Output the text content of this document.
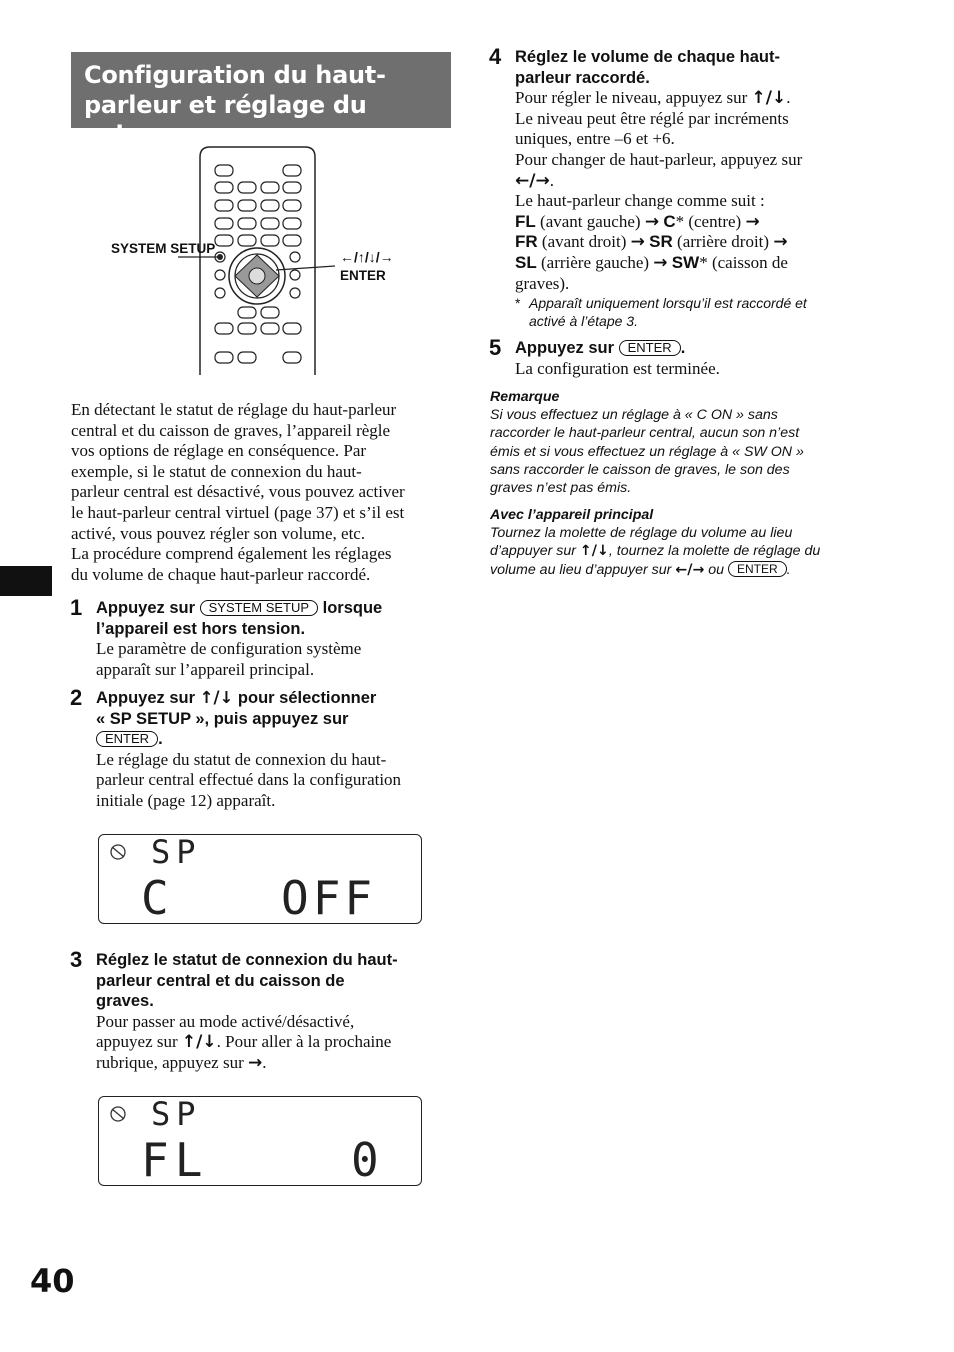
Configuration du haut-parleur et réglage du volume
SYSTEM SETUP
←/↑/↓/→
ENTER
En détectant le statut de réglage du haut-parleur
central et du caisson de graves, l’appareil règle
vos options de réglage en conséquence. Par
exemple, si le statut de connexion du haut-
parleur central est désactivé, vous pouvez activer
le haut-parleur central virtuel (page 37) et s’il est
activé, vous pouvez régler son volume, etc.
La procédure comprend également les réglages
du volume de chaque haut-parleur raccordé.
1 Appuyez sur SYSTEM SETUP lorsque
l’appareil est hors tension.
Le paramètre de configuration système
apparaît sur l’appareil principal.
2 Appuyez sur ↑/↓ pour sélectionner
« SP SETUP », puis appuyez sur
ENTER .
Le réglage du statut de connexion du haut-
parleur central effectué dans la configuration
initiale (page 12) apparaît.
SP
C OFF
3 Réglez le statut de connexion du haut-
parleur central et du caisson de
graves.
Pour passer au mode activé/désactivé,
appuyez sur ↑/↓. Pour aller à la prochaine
rubrique, appuyez sur →.
SP
FL	0
40
4 Réglez le volume de chaque haut-
parleur raccordé.
Pour régler le niveau, appuyez sur ↑/↓.
Le niveau peut être réglé par incréments
uniques, entre –6 et +6.
Pour changer de haut-parleur, appuyez sur
←/→.
Le haut-parleur change comme suit :
FL (avant gauche) → C* (centre) →
FR (avant droit) → SR (arrière droit) →
SL (arrière gauche) → SW* (caisson de
graves).
* Apparaît uniquement lorsqu’il est raccordé et
activé à l’étape 3.
5 Appuyez sur ENTER .
La configuration est terminée.
Remarque
Si vous effectuez un réglage à « C ON » sans
raccorder le haut-parleur central, aucun son n’est
émis et si vous effectuez un réglage à « SW ON »
sans raccorder le caisson de graves, le son des
graves n’est pas émis.
Avec l’appareil principal
Tournez la molette de réglage du volume au lieu
d’appuyer sur ↑/↓, tournez la molette de réglage du
volume au lieu d’appuyer sur ←/→ ou ENTER .
